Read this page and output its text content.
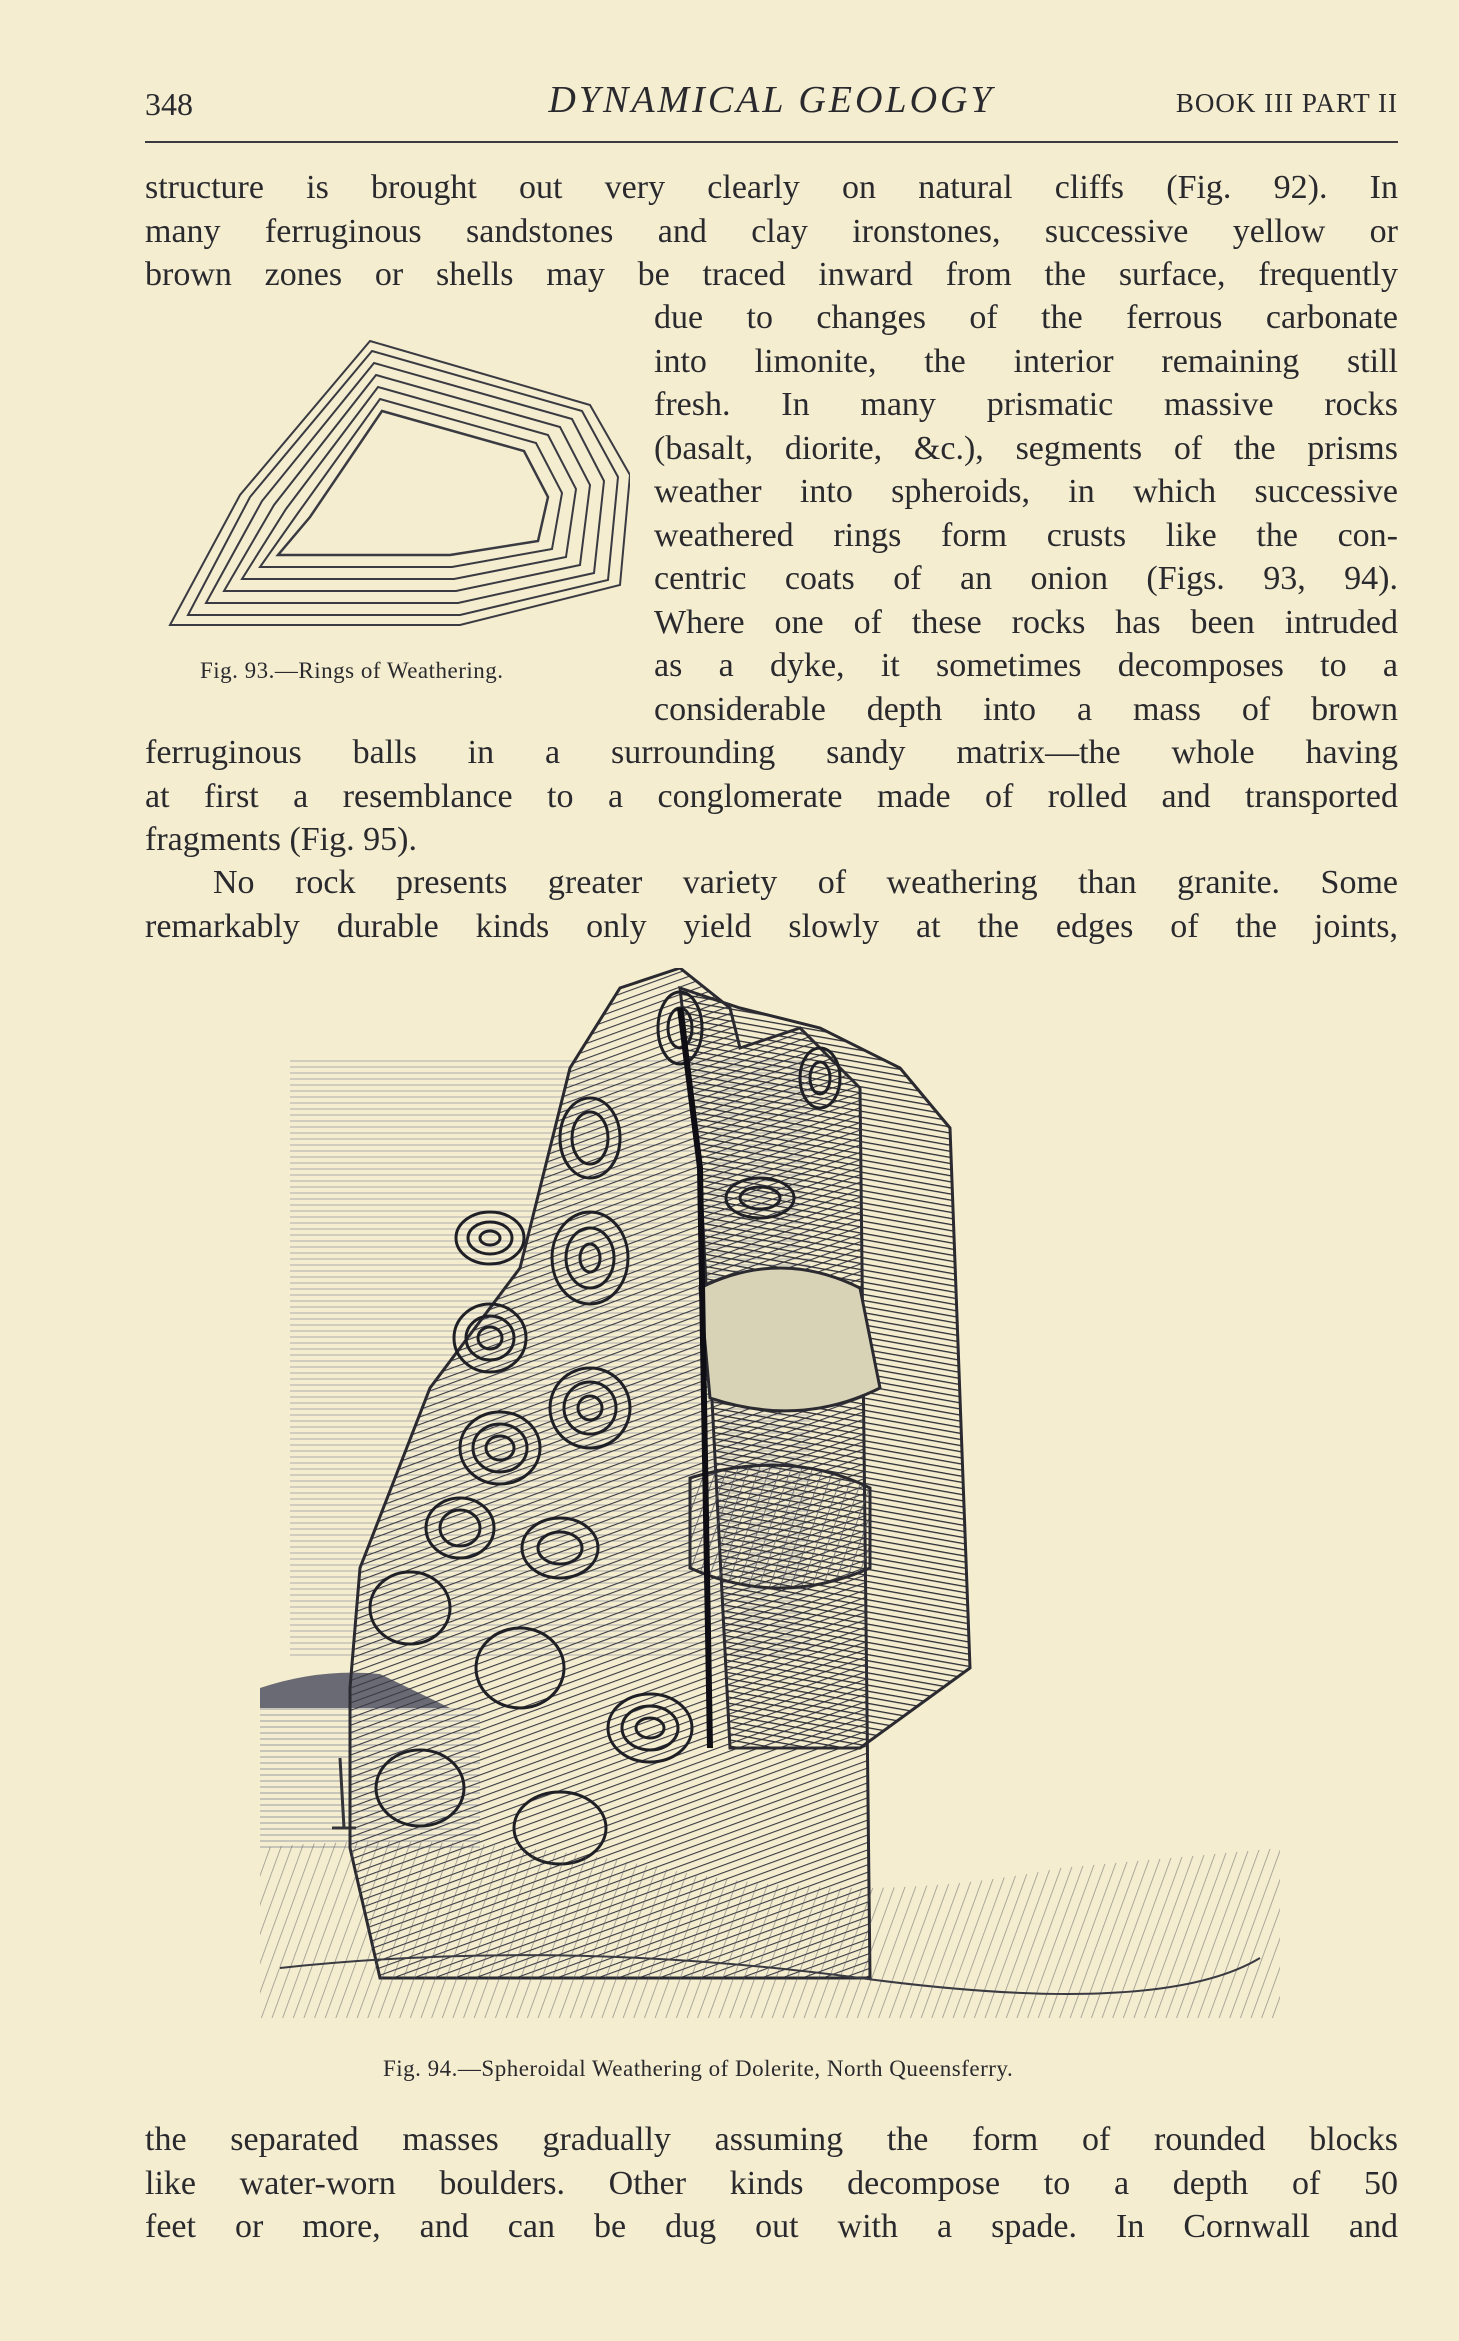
348	DYNAMICAL GEOLOGY	BOOK III PART II
structure is brought out very clearly on natural cliffs (Fig. 92). In
many ferruginous sandstones and clay ironstones, successive yellow or
brown zones or shells may be traced inward from the surface, frequently
Fig. 93.—Rings of Weathering.
due to changes of the ferrous carbonate
into limonite, the interior remaining still
fresh. In many prismatic massive rocks
(basalt, diorite, &c.), segments of the prisms
weather into spheroids, in which successive
weathered rings form crusts like the con-
centric coats of an onion (Figs. 93, 94).
Where one of these rocks has been intruded
as a dyke, it sometimes decomposes to a
considerable depth into a mass of brown
ferruginous balls in a surrounding sandy matrix—the whole having
at first a resemblance to a conglomerate made of rolled and transported
fragments (Fig. 95).
No rock presents greater variety of weathering than granite. Some
remarkably durable kinds only yield slowly at the edges of the joints,
Fig. 94.—Spheroidal Weathering of Dolerite, North Queensferry.
the separated masses gradually assuming the form of rounded blocks
like water-worn boulders. Other kinds decompose to a depth of 50
feet or more, and can be dug out with a spade. In Cornwall and
